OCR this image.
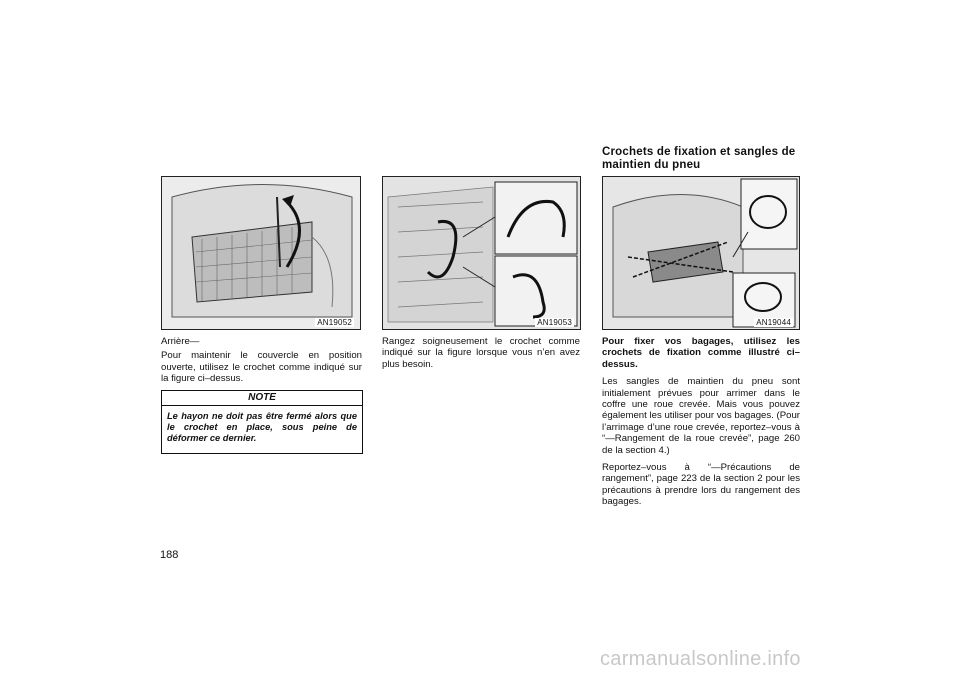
Crochets de fixation et sangles de maintien du pneu
AN19052	AN19053	AN19044

Arrière—

Pour maintenir le couvercle en position ouverte, utilisez le crochet comme indiqué sur la figure ci–dessus.

NOTE
Le hayon ne doit pas être fermé alors que le crochet en place, sous peine de déformer ce dernier.

Rangez soigneusement le crochet comme indiqué sur la figure lorsque vous n’en avez plus besoin.

Pour fixer vos bagages, utilisez les crochets de fixation comme illustré ci–dessus.

Les sangles de maintien du pneu sont initialement prévues pour arrimer dans le coffre une roue crevée. Mais vous pouvez également les utiliser pour vos bagages. (Pour l’arrimage d’une roue crevée, reportez–vous à “—Rangement de la roue crevée”, page 260 de la section 4.)

Reportez–vous à “—Précautions de rangement”, page 223 de la section 2 pour les précautions à prendre lors du rangement des bagages.

188
carmanualsonline.info
